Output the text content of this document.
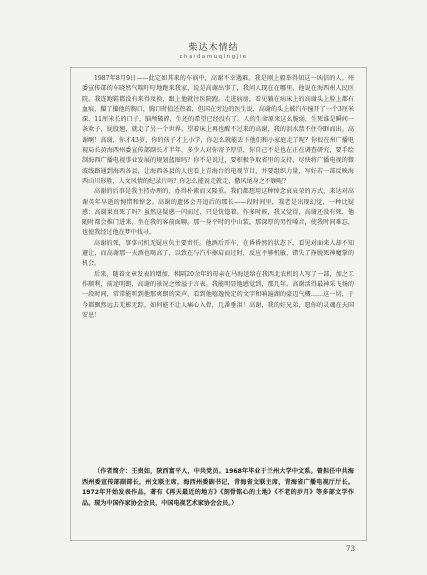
柴达木情结
chaidamuqingjie

1987年8月9日——此定如其来的车祸中，高谢不幸遇难。我是刚上毅举得知这一凶信的人。州委宣传部的车晓然气喘吁吁地跑来我家，说是高谢出事了，我问人现在在哪里，他说在海西州人民医院。我连跑鞋都没有来得及换，跟上他就往医院跑。走进病房，看见躺在病床上的高谢头上脸上都有血痕，攥了攥他的胸口，胸口时值还热着，但国在旁边的医生说，高谢的头上被汽车撞开了一个3厘米深、11厘米长的口子，脑颅破碎，生还的希望已经没有了。人的生命原来这么脆弱，生死谁是瞬间一条欢子，屁股翘，就走了另一个世界。望着床上再也醒不过来的高谢，我的泪水禁不住夺眶而出。高谢啊！高谢，你才43岁，你的孩子才上小学，你怎么就能丢下他们和小家庭走了呢？你很在州广播电视局长黄海西州委宣传部副长才半年，多少人对你寄予厚望，你自己不是也在正在调查研究，要手绘制海西广播电视事业发展的规划蓝图吗？你不是说过，要积极争取省里的支持，尽快将广播电视的微波线路通到海西各县，让海西各县的人也看上青海台的电视节目，并要组织力量，写好若一部反映海西山川形胜，人文风情的纪录片吗？你怎么能说走就走，撒风尾身之不顾呢？

高谢的后事是我主持办理的，办得朴素而又隆重。我们都想用这种悼念哀哀荣的方式，来达对高谢英年早逝的惋惜和悼念。高谢的遗体会开追后的那长——段时间里，我老是出现幻觉，一种比疑惑：高谢果真死了吗？虽然这疑惑一闪而过，只是恍惚着。作多时候，我又觉得，高谢还没有死，他随时都会推门进来，坐在我的客前面聊。那一身平时的中山装，那深厚的男性嗓音，使我时间难忘，也使我经过他在梦中找寻。

高谢的死，事事司机无疑应负主要责任。他酒后开车，在昏昏然的状态下，看见对面来人却不知避让，而高谢那一天酒也喝高了，以致在与汽车擦肩而过时，反应不够机敏，错失了挣脱死神魔掌的机会。

后来，随着文章发表的增加，相隔20余年的母亲在马海送给在我西北农机的人写了一部，加之工作顺利，前途明朗，高谢的景况之惨溢于言表。我能明显地感觉到，那几年，高谢活得最神采飞扬的一段时间，常常能听到他那爽朗的笑声，看到他嘻逸悦定的文字和响遍湖的豪迈气概……这一切，于今都飘然远去无影无踪，如何能不让人痛心入骨，几番垂泪！高谢，我的好兄弟，愿你的灵魂在天国安息！

（作者简介：王贵如，陕西富平人，中共党员。1968年毕业于兰州大学中文系。曾担任中共海西州委宣传部副部长，州文联主席，海西州委副书记，青海省文联主席，青海省广播电视厅厅长。1972年开始发表作品，著有《再天最近的地方》《刻骨铭心的土地》《不老的岁月》等多部文学作品。现为中国作家协会会员，中国电视艺术家协会会员。）

73
